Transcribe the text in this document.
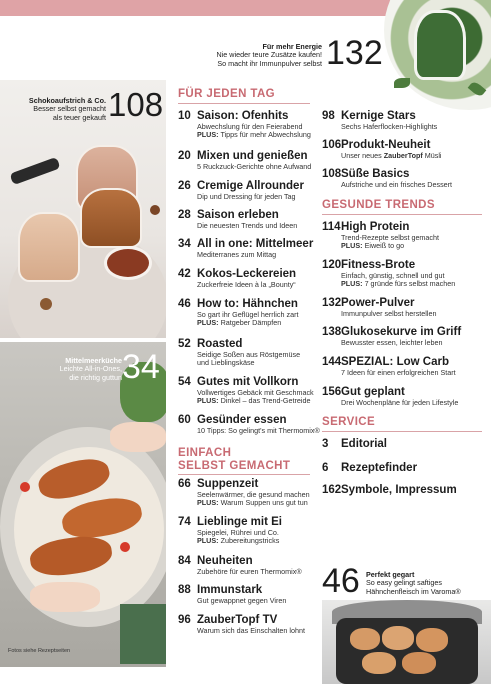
Für mehr Energie
Nie wieder teure Zusätze kaufen!
So macht ihr Immunpulver selbst 132
Schokoaufstrich & Co.
Besser selbst gemacht
als teuer gekauft 108
Mittelmeerküche
Leichte All-in-Ones,
die richtig guttun 34
Fotos siehe Rezeptseiten
FÜR JEDEN TAG
EINFACH
SELBST GEMACHT
GESUNDE TRENDS
SERVICE
10 Saison: Ofenhits
Abwechslung für den Feierabend
PLUS: Tipps für mehr Abwechslung
20 Mixen und genießen
5 Ruckzuck-Gerichte ohne Aufwand
26 Cremige Allrounder
Dip und Dressing für jeden Tag
28 Saison erleben
Die neuesten Trends und Ideen
34 All in one: Mittelmeer
Mediterranes zum Mittag
42 Kokos-Leckereien
Zuckerfreie Ideen à la „Bounty“
46 How to: Hähnchen
So gart ihr Geflügel herrlich zart
PLUS: Ratgeber Dämpfen
52 Roasted
Seidige Soßen aus Röstgemüse
und Lieblingskäse
54 Gutes mit Vollkorn
Vollwertiges Gebäck mit Geschmack
PLUS: Dinkel – das Trend-Getreide
60 Gesünder essen
10 Tipps: So gelingt's mit Thermomix®
66 Suppenzeit
Seelenwärmer, die gesund machen
PLUS: Warum Suppen uns gut tun
74 Lieblinge mit Ei
Spiegelei, Rührei und Co.
PLUS: Zubereitungstricks
84 Neuheiten
Zubehöre für euren Thermomix®
88 Immunstark
Gut gewappnet gegen Viren
96 ZauberTopf TV
Warum sich das Einschalten lohnt
98 Kernige Stars
Sechs Haferflocken-Highlights
106 Produkt-Neuheit
Unser neues ZauberTopf Müsli
108 Süße Basics
Aufstriche und ein frisches Dessert
114 High Protein
Trend-Rezepte selbst gemacht
PLUS: Eiweiß to go
120 Fitness-Brote
Einfach, günstig, schnell und gut
PLUS: 7 gründe fürs selbst machen
132 Power-Pulver
Immunpulver selbst herstellen
138 Glukosekurve im Griff
Bewusster essen, leichter leben
144 SPEZIAL: Low Carb
7 Ideen für einen erfolgreichen Start
156 Gut geplant
Drei Wochenpläne für jeden Lifestyle
3 Editorial
6 Rezeptefinder
162 Symbole, Impressum
46 Perfekt gegart
So easy gelingt saftiges
Hähnchenfleisch im Varoma®
